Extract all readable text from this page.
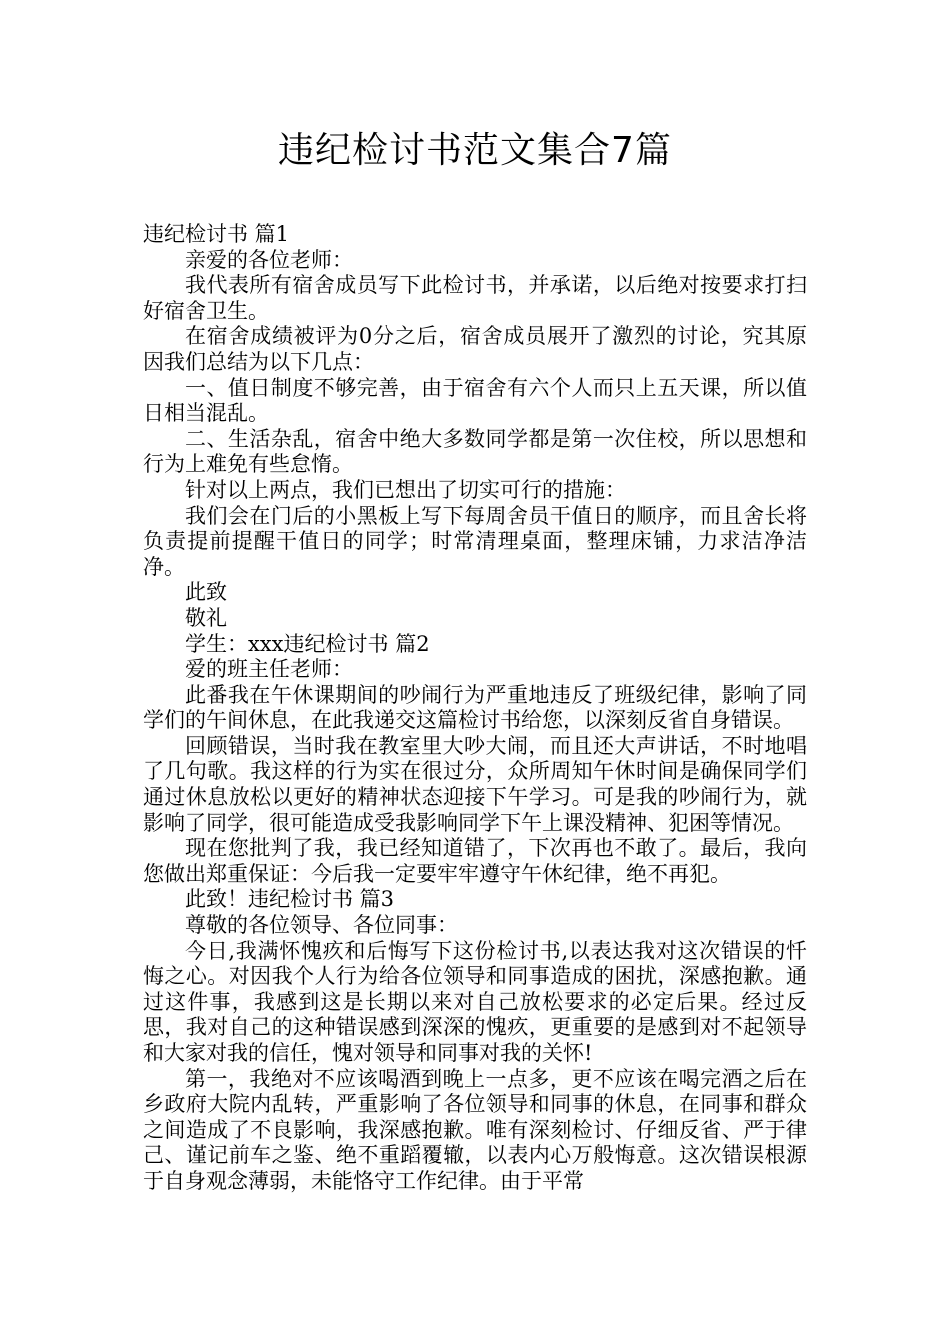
违纪检讨书范文集合7篇

违纪检讨书 篇1

亲爱的各位老师：

我代表所有宿舍成员写下此检讨书，并承诺，以后绝对按要求打扫好宿舍卫生。

在宿舍成绩被评为0分之后，宿舍成员展开了激烈的讨论，究其原因我们总结为以下几点：

一、值日制度不够完善，由于宿舍有六个人而只上五天课，所以值日相当混乱。

二、生活杂乱，宿舍中绝大多数同学都是第一次住校，所以思想和行为上难免有些怠惰。

针对以上两点，我们已想出了切实可行的措施：

我们会在门后的小黑板上写下每周舍员干值日的顺序，而且舍长将负责提前提醒干值日的同学；时常清理桌面，整理床铺，力求洁净洁净。

此致

敬礼

学生：xxx违纪检讨书 篇2

爱的班主任老师：

此番我在午休课期间的吵闹行为严重地违反了班级纪律，影响了同学们的午间休息，在此我递交这篇检讨书给您，以深刻反省自身错误。

回顾错误，当时我在教室里大吵大闹，而且还大声讲话，不时地唱了几句歌。我这样的行为实在很过分，众所周知午休时间是确保同学们通过休息放松以更好的精神状态迎接下午学习。可是我的吵闹行为，就影响了同学，很可能造成受我影响同学下午上课没精神、犯困等情况。

现在您批判了我，我已经知道错了，下次再也不敢了。最后，我向您做出郑重保证：今后我一定要牢牢遵守午休纪律，绝不再犯。

此致！违纪检讨书 篇3

尊敬的各位领导、各位同事：

今日,我满怀愧疚和后悔写下这份检讨书,以表达我对这次错误的忏悔之心。对因我个人行为给各位领导和同事造成的困扰，深感抱歉。通过这件事，我感到这是长期以来对自己放松要求的必定后果。经过反思，我对自己的这种错误感到深深的愧疚，更重要的是感到对不起领导和大家对我的信任，愧对领导和同事对我的关怀!

第一，我绝对不应该喝酒到晚上一点多，更不应该在喝完酒之后在乡政府大院内乱转，严重影响了各位领导和同事的休息，在同事和群众之间造成了不良影响，我深感抱歉。唯有深刻检讨、仔细反省、严于律己、谨记前车之鉴、绝不重蹈覆辙，以表内心万般悔意。这次错误根源于自身观念薄弱，未能恪守工作纪律。由于平常
